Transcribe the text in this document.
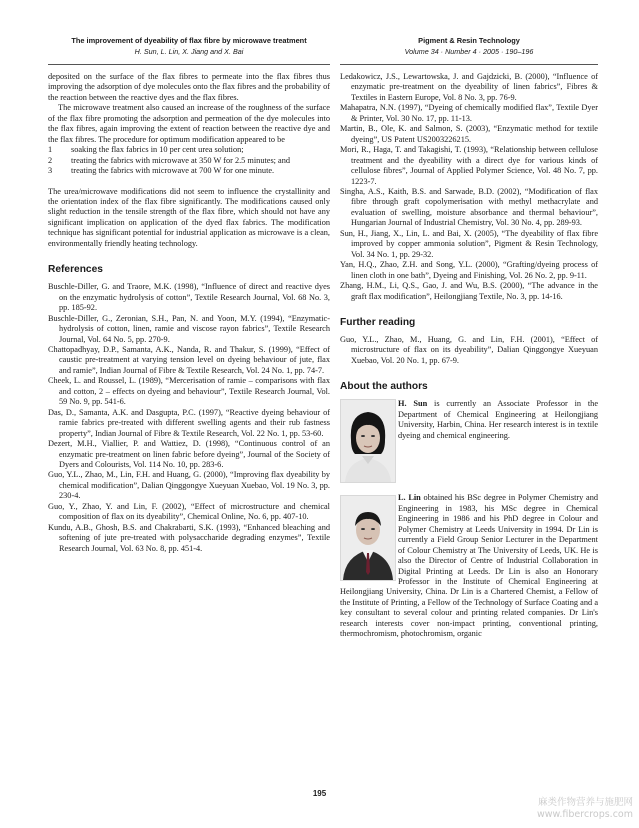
The improvement of dyeability of flax fibre by microwave treatment
H. Sun, L. Lin, X. Jiang and X. Bai
Pigment & Resin Technology
Volume 34 · Number 4 · 2005 · 190–196

deposited on the surface of the flax fibres to permeate into the flax fibres thus improving the adsorption of dye molecules onto the flax fibres and the probability of the reaction between the reactive dyes and the flax fibres.

The microwave treatment also caused an increase of the roughness of the surface of the flax fibre promoting the adsorption and permeation of the dye molecules into the flax fibres, again improving the extent of reaction between the reactive dye and the flax fibres. The procedure for optimum modification appeared to be

1 soaking the flax fabrics in 10 per cent urea solution;
2 treating the fabrics with microwave at 350 W for 2.5 minutes; and
3 treating the fabrics with microwave at 700 W for one minute.

The urea/microwave modifications did not seem to influence the crystallinity and the orientation index of the flax fibre significantly. The modifications caused only slight reduction in the tensile strength of the flax fibre, which should not have any significant implication on application of the dyed flax fabrics. The modification technique has significant potential for industrial application as microwave is a clean, environmentally friendly heating technology.

References

Buschle-Diller, G. and Traore, M.K. (1998), “Influence of direct and reactive dyes on the enzymatic hydrolysis of cotton”, Textile Research Journal, Vol. 68 No. 3, pp. 185-92.

Buschle-Diller, G., Zeronian, S.H., Pan, N. and Yoon, M.Y. (1994), “Enzymatic-hydrolysis of cotton, linen, ramie and viscose rayon fabrics”, Textile Research Journal, Vol. 64 No. 5, pp. 270-9.

Chattopadhyay, D.P., Samanta, A.K., Nanda, R. and Thakur, S. (1999), “Effect of caustic pre-treatment at varying tension level on dyeing behaviour of jute, flax and ramie”, Indian Journal of Fibre & Textile Research, Vol. 24 No. 1, pp. 74-7.

Cheek, L. and Roussel, L. (1989), “Mercerisation of ramie – comparisons with flax and cotton, 2 – effects on dyeing and behaviour”, Textile Research Journal, Vol. 59 No. 9, pp. 541-6.

Das, D., Samanta, A.K. and Dasgupta, P.C. (1997), “Reactive dyeing behaviour of ramie fabrics pre-treated with different swelling agents and their rub fastness property”, Indian Journal of Fibre & Textile Research, Vol. 22 No. 1, pp. 53-60.

Dezert, M.H., Viallier, P. and Wattiez, D. (1998), “Continuous control of an enzymatic pre-treatment on linen fabric before dyeing”, Journal of the Society of Dyers and Colourists, Vol. 114 No. 10, pp. 283-6.

Guo, Y.L., Zhao, M., Lin, F.H. and Huang, G. (2000), “Improving flax dyeability by chemical modification”, Dalian Qinggongye Xueyuan Xuebao, Vol. 19 No. 3, pp. 230-4.

Guo, Y., Zhao, Y. and Lin, F. (2002), “Effect of microstructure and chemical composition of flax on its dyeability”, Chemical Online, No. 6, pp. 407-10.

Kundu, A.B., Ghosh, B.S. and Chakrabarti, S.K. (1993), “Enhanced bleaching and softening of jute pre-treated with polysaccharide degrading enzymes”, Textile Research Journal, Vol. 63 No. 8, pp. 451-4.

Ledakowicz, J.S., Lewartowska, J. and Gajdzicki, B. (2000), “Influence of enzymatic pre-treatment on the dyeability of linen fabrics”, Fibres & Textiles in Eastern Europe, Vol. 8 No. 3, pp. 76-9.

Mahapatra, N.N. (1997), “Dyeing of chemically modified flax”, Textile Dyer & Printer, Vol. 30 No. 17, pp. 11-13.

Martin, B., Ole, K. and Salmon, S. (2003), “Enzymatic method for textile dyeing”, US Patent US2003226215.

Mori, R., Haga, T. and Takagishi, T. (1993), “Relationship between cellulose treatment and the dyeability with a direct dye for various kinds of cellulose fibres”, Journal of Applied Polymer Science, Vol. 48 No. 7, pp. 1223-7.

Singha, A.S., Kaith, B.S. and Sarwade, B.D. (2002), “Modification of flax fibre through graft copolymerisation with methyl methacrylate and evaluation of swelling, moisture absorbance and thermal behaviour”, Hungarian Journal of Industrial Chemistry, Vol. 30 No. 4, pp. 289-93.

Sun, H., Jiang, X., Lin, L. and Bai, X. (2005), “The dyeability of flax fibre improved by copper ammonia solution”, Pigment & Resin Technology, Vol. 34 No. 1, pp. 29-32.

Yan, H.Q., Zhao, Z.H. and Song, Y.L. (2000), “Grafting/dyeing process of linen cloth in one bath”, Dyeing and Finishing, Vol. 26 No. 2, pp. 9-11.

Zhang, H.M., Li, Q.S., Gao, J. and Wu, B.S. (2000), “The advance in the graft flax modification”, Heilongjiang Textile, No. 3, pp. 14-16.

Further reading

Guo, Y.L., Zhao, M., Huang, G. and Lin, F.H. (2001), “Effect of microstructure of flax on its dyeability”, Dalian Qinggongye Xueyuan Xuebao, Vol. 20 No. 1, pp. 67-9.

About the authors
H. Sun is currently an Associate Professor in the Department of Chemical Engineering at Heilongjiang University, Harbin, China. Her research interest is in textile dyeing and chemical engineering.
L. Lin obtained his BSc degree in Polymer Chemistry and Engineering in 1983, his MSc degree in Chemical Engineering in 1986 and his PhD degree in Colour and Polymer Chemistry at Leeds University in 1994. Dr Lin is currently a Field Group Senior Lecturer in the Department of Colour Chemistry at The University of Leeds, UK. He is also the Director of Centre of Industrial Collaboration in Digital Printing at Leeds. Dr Lin is also an Honorary Professor in the Institute of Chemical Engineering at Heilongjiang University, China. Dr Lin is a Chartered Chemist, a Fellow of the Institute of Printing, a Fellow of the Technology of Surface Coating and a key consultant to several colour and printing related companies. Dr Lin's research interests cover non-impact printing, conventional printing, thermochromism, photochromism, organic
195
麻类作物营养与施肥网
www.fibercrops.com
